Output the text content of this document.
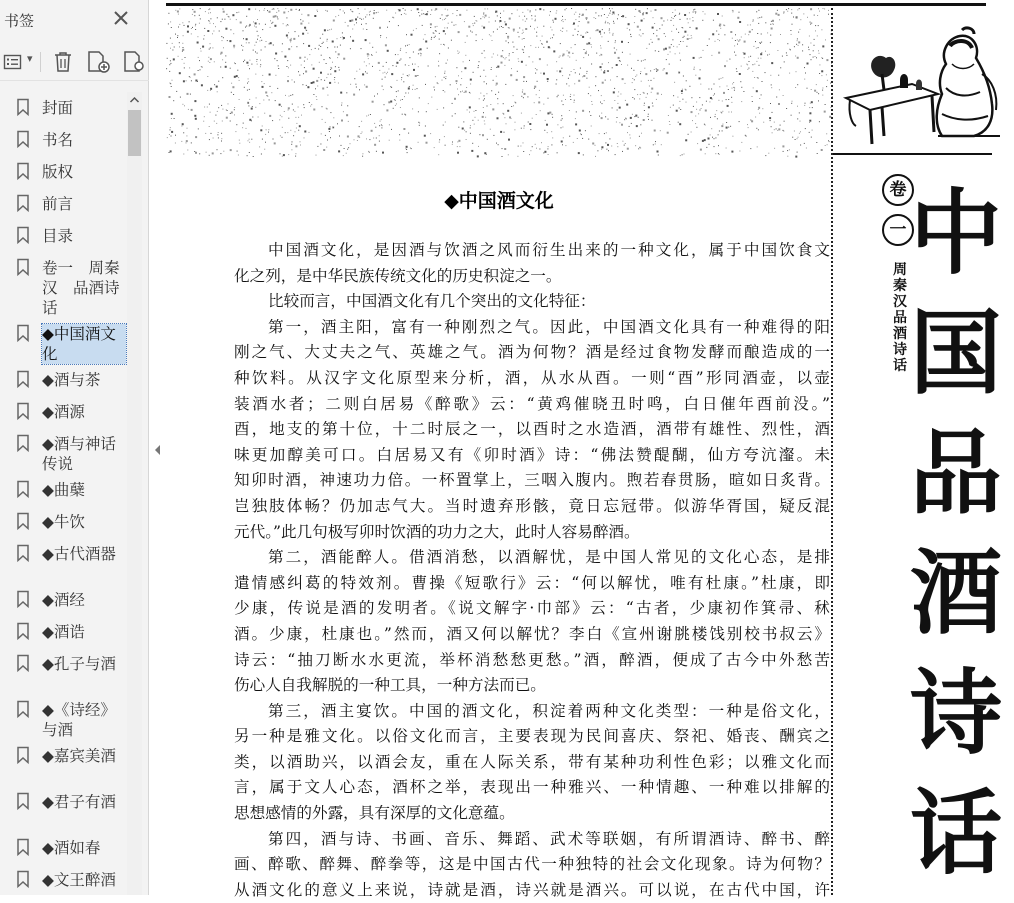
书签
▾
封面
书名
版权
前言
目录
卷一　周秦汉　品酒诗话
◆中国酒文化
◆酒与茶
◆酒源
◆酒与神话传说
◆曲蘖
◆牛饮
◆古代酒器
◆酒经
◆酒诰
◆孔子与酒
◆《诗经》与酒
◆嘉宾美酒
◆君子有酒
◆酒如春
◆文王醉酒
◆中国酒文化
中国酒文化，是因酒与饮酒之风而衍生出来的一种文化，属于中国饮食文
化之列，是中华民族传统文化的历史积淀之一。
比较而言，中国酒文化有几个突出的文化特征：
第一，酒主阳，富有一种刚烈之气。因此，中国酒文化具有一种难得的阳
刚之气、大丈夫之气、英雄之气。酒为何物？酒是经过食物发酵而酿造成的一
种饮料。从汉字文化原型来分析，酒，从水从酉。一则“酉”形同酒壶，以壶
装酒水者；二则白居易《醉歌》云：“黄鸡催晓丑时鸣，白日催年酉前没。”
酉，地支的第十位，十二时辰之一，以酉时之水造酒，酒带有雄性、烈性，酒
味更加醇美可口。白居易又有《卯时酒》诗：“佛法赞醍醐，仙方夸沆瀣。未
知卯时酒，神速功力倍。一杯置掌上，三咽入腹内。煦若春贯肠，暄如日炙背。
岂独肢体畅？仍加志气大。当时遗弃形骸，竟日忘冠带。似游华胥国，疑反混
元代。”此几句极写卯时饮酒的功力之大，此时人容易醉酒。
第二，酒能醉人。借酒消愁，以酒解忧，是中国人常见的文化心态，是排
遣情感纠葛的特效剂。曹操《短歌行》云：“何以解忧，唯有杜康。”杜康，即
少康，传说是酒的发明者。《说文解字·巾部》云：“古者，少康初作箕帚、秫
酒。少康，杜康也。”然而，酒又何以解忧？李白《宣州谢朓楼饯别校书叔云》
诗云：“抽刀断水水更流，举杯消愁愁更愁。”酒，醉酒，便成了古今中外愁苦
伤心人自我解脱的一种工具，一种方法而已。
第三，酒主宴饮。中国的酒文化，积淀着两种文化类型：一种是俗文化，
另一种是雅文化。以俗文化而言，主要表现为民间喜庆、祭祀、婚丧、酬宾之
类，以酒助兴，以酒会友，重在人际关系，带有某种功利性色彩；以雅文化而
言，属于文人心态，酒杯之举，表现出一种雅兴、一种情趣、一种难以排解的
思想感情的外露，具有深厚的文化意蕴。
第四，酒与诗、书画、音乐、舞蹈、武术等联姻，有所谓酒诗、醉书、醉
画、醉歌、醉舞、醉拳等，这是中国古代一种独特的社会文化现象。诗为何物？
从酒文化的意义上来说，诗就是酒，诗兴就是酒兴。可以说，在古代中国，许
卷
一
周秦汉品酒诗话
中国品酒诗话
